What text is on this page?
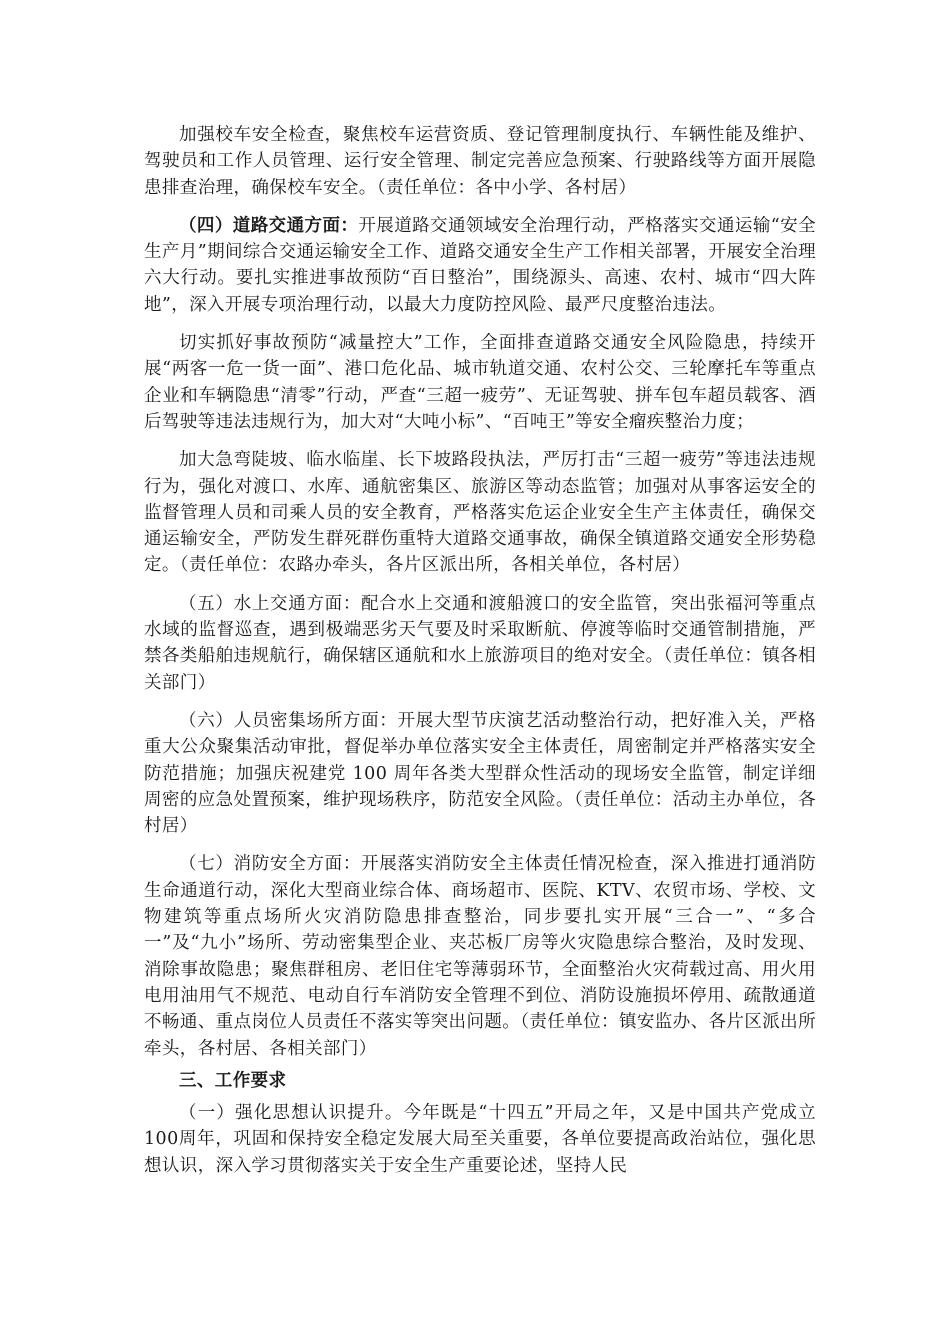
加强校车安全检查，聚焦校车运营资质、登记管理制度执行、车辆性能及维护、驾驶员和工作人员管理、运行安全管理、制定完善应急预案、行驶路线等方面开展隐患排查治理，确保校车安全。（责任单位：各中小学、各村居）

（四）道路交通方面：开展道路交通领域安全治理行动，严格落实交通运输“安全生产月”期间综合交通运输安全工作、道路交通安全生产工作相关部署，开展安全治理六大行动。要扎实推进事故预防“百日整治”，围绕源头、高速、农村、城市“四大阵地”，深入开展专项治理行动，以最大力度防控风险、最严尺度整治违法。

切实抓好事故预防“减量控大”工作，全面排查道路交通安全风险隐患，持续开展“两客一危一货一面”、港口危化品、城市轨道交通、农村公交、三轮摩托车等重点企业和车辆隐患“清零”行动，严查“三超一疲劳”、无证驾驶、拼车包车超员载客、酒后驾驶等违法违规行为，加大对“大吨小标”、“百吨王”等安全瘤疾整治力度；

加大急弯陡坡、临水临崖、长下坡路段执法，严厉打击“三超一疲劳”等违法违规行为，强化对渡口、水库、通航密集区、旅游区等动态监管；加强对从事客运安全的监督管理人员和司乘人员的安全教育，严格落实危运企业安全生产主体责任，确保交通运输安全，严防发生群死群伤重特大道路交通事故，确保全镇道路交通安全形势稳定。（责任单位：农路办牵头，各片区派出所，各相关单位，各村居）

（五）水上交通方面：配合水上交通和渡船渡口的安全监管，突出张福河等重点水域的监督巡查，遇到极端恶劣天气要及时采取断航、停渡等临时交通管制措施，严禁各类船舶违规航行，确保辖区通航和水上旅游项目的绝对安全。（责任单位：镇各相关部门）

（六）人员密集场所方面：开展大型节庆演艺活动整治行动，把好准入关，严格重大公众聚集活动审批，督促举办单位落实安全主体责任，周密制定并严格落实安全防范措施；加强庆祝建党 100 周年各类大型群众性活动的现场安全监管，制定详细周密的应急处置预案，维护现场秩序，防范安全风险。（责任单位：活动主办单位，各村居）

（七）消防安全方面：开展落实消防安全主体责任情况检查，深入推进打通消防生命通道行动，深化大型商业综合体、商场超市、医院、KTV、农贸市场、学校、文物建筑等重点场所火灾消防隐患排查整治，同步要扎实开展“三合一”、“多合一”及“九小”场所、劳动密集型企业、夹芯板厂房等火灾隐患综合整治，及时发现、消除事故隐患；聚焦群租房、老旧住宅等薄弱环节，全面整治火灾荷载过高、用火用电用油用气不规范、电动自行车消防安全管理不到位、消防设施损坏停用、疏散通道不畅通、重点岗位人员责任不落实等突出问题。（责任单位：镇安监办、各片区派出所牵头，各村居、各相关部门）

三、工作要求

（一）强化思想认识提升。今年既是“十四五”开局之年，又是中国共产党成立100周年，巩固和保持安全稳定发展大局至关重要，各单位要提高政治站位，强化思想认识，深入学习贯彻落实关于安全生产重要论述，坚持人民
